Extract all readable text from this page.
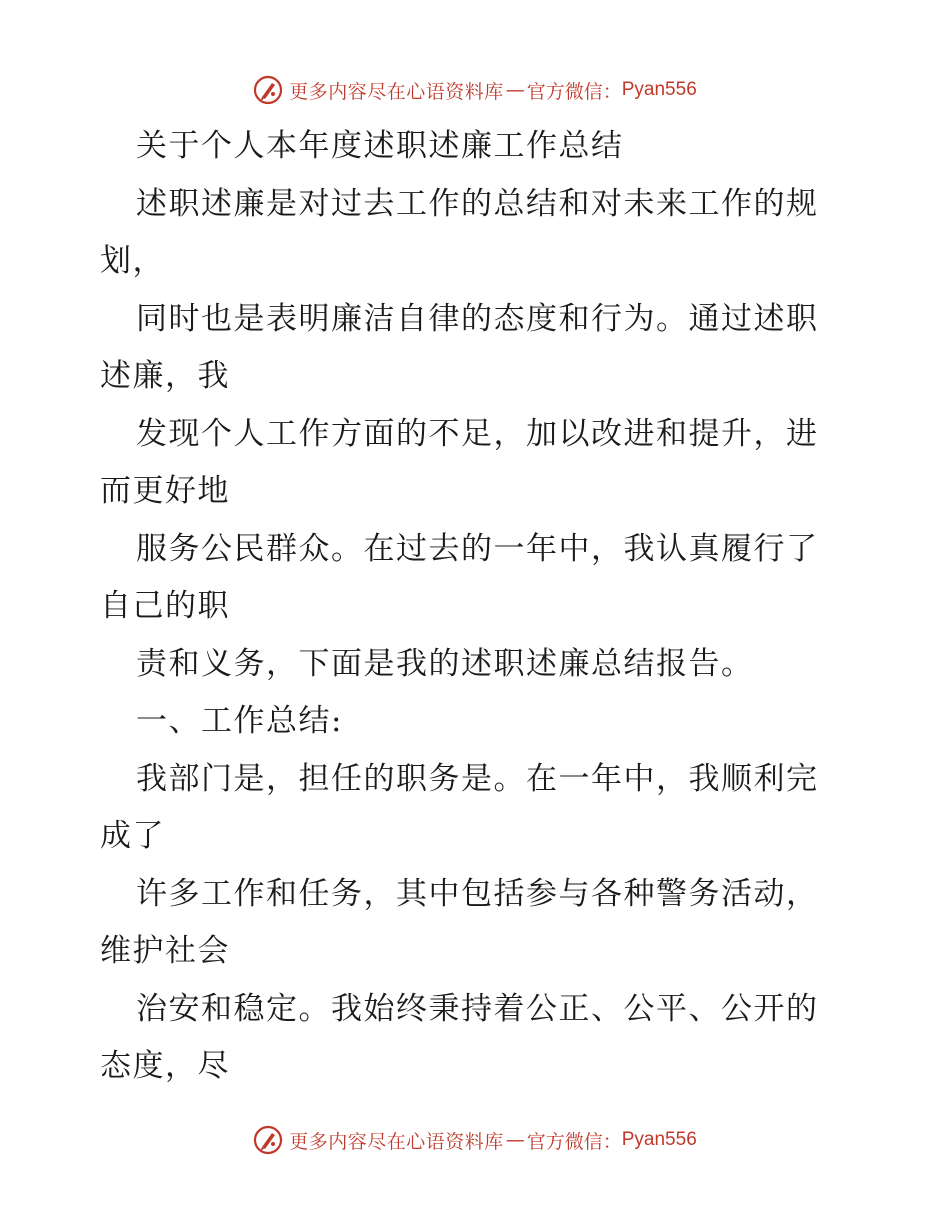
更多内容尽在心语资料库 — 官方微信： Pyan556
关于个人本年度述职述廉工作总结
述职述廉是对过去工作的总结和对未来工作的规
划，
同时也是表明廉洁自律的态度和行为。通过述职
述廉，我
发现个人工作方面的不足，加以改进和提升，进
而更好地
服务公民群众。在过去的一年中，我认真履行了
自己的职
责和义务，下面是我的述职述廉总结报告。
一、工作总结:
我部门是，担任的职务是。在一年中，我顺利完
成了
许多工作和任务，其中包括参与各种警务活动，
维护社会
治安和稳定。我始终秉持着公正、公平、公开的
态度，尽
更多内容尽在心语资料库 — 官方微信： Pyan556
